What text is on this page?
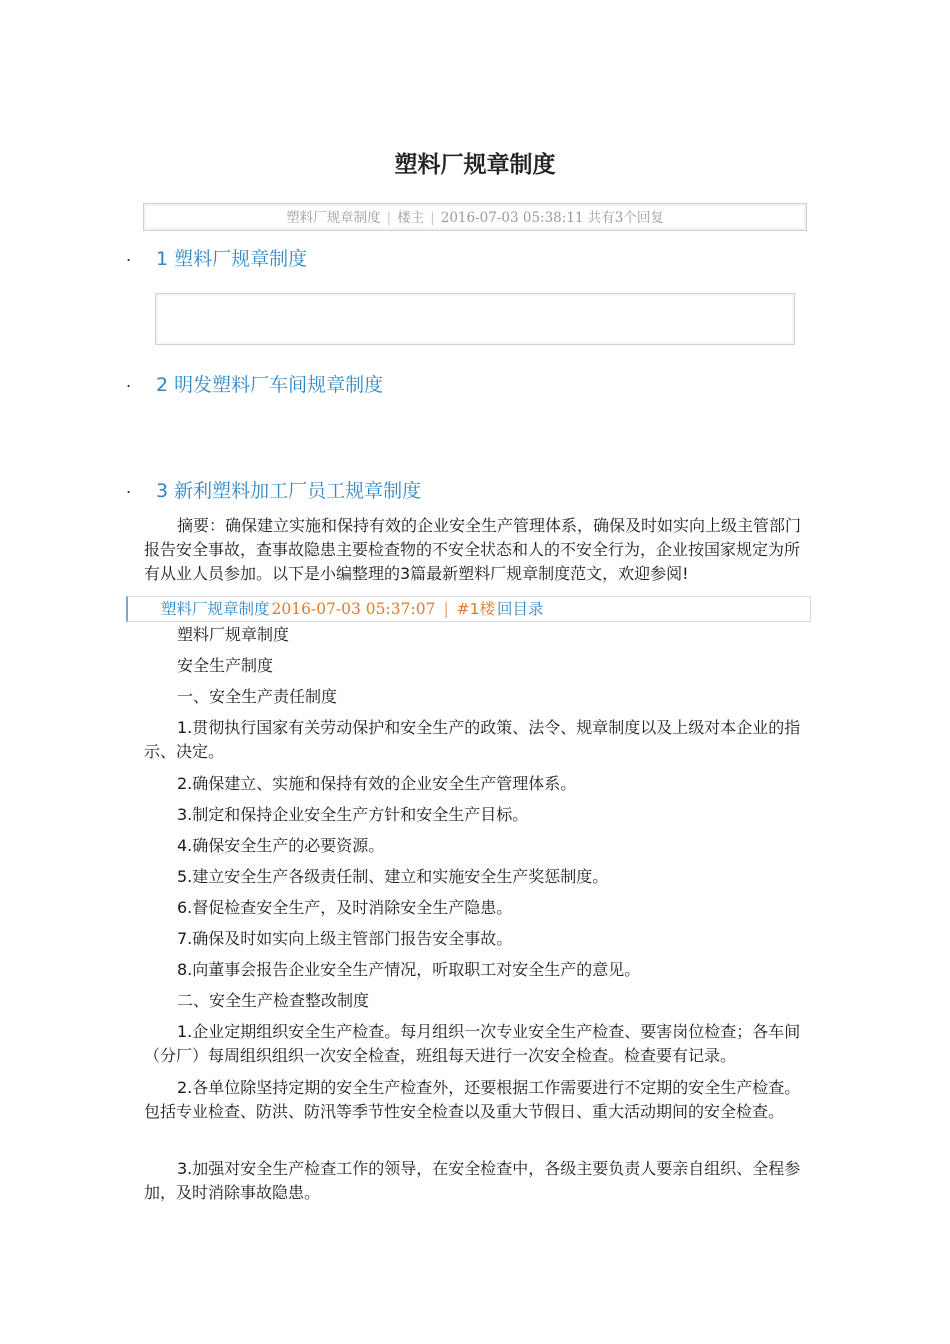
塑料厂规章制度
塑料厂规章制度 | 楼主 | 2016-07-03 05:38:11 共有3个回复
. 1 塑料厂规章制度
. 2 明发塑料厂车间规章制度
. 3 新利塑料加工厂员工规章制度
摘要：确保建立实施和保持有效的企业安全生产管理体系，确保及时如实向上级主管部门报告安全事故，查事故隐患主要检查物的不安全状态和人的不安全行为，企业按国家规定为所有从业人员参加。以下是小编整理的3篇最新塑料厂规章制度范文，欢迎参阅!
塑料厂规章制度 2016-07-03 05:37:07 | #1楼 回目录
塑料厂规章制度
安全生产制度
一、安全生产责任制度
1.贯彻执行国家有关劳动保护和安全生产的政策、法令、规章制度以及上级对本企业的指示、决定。
2.确保建立、实施和保持有效的企业安全生产管理体系。
3.制定和保持企业安全生产方针和安全生产目标。
4.确保安全生产的必要资源。
5.建立安全生产各级责任制、建立和实施安全生产奖惩制度。
6.督促检查安全生产，及时消除安全生产隐患。
7.确保及时如实向上级主管部门报告安全事故。
8.向董事会报告企业安全生产情况，听取职工对安全生产的意见。
二、安全生产检查整改制度
1.企业定期组织安全生产检查。每月组织一次专业安全生产检查、要害岗位检查；各车间（分厂）每周组织组织一次安全检查，班组每天进行一次安全检查。检查要有记录。
2.各单位除坚持定期的安全生产检查外，还要根据工作需要进行不定期的安全生产检查。包括专业检查、防洪、防汛等季节性安全检查以及重大节假日、重大活动期间的安全检查。
3.加强对安全生产检查工作的领导，在安全检查中，各级主要负责人要亲自组织、全程参加，及时消除事故隐患。
